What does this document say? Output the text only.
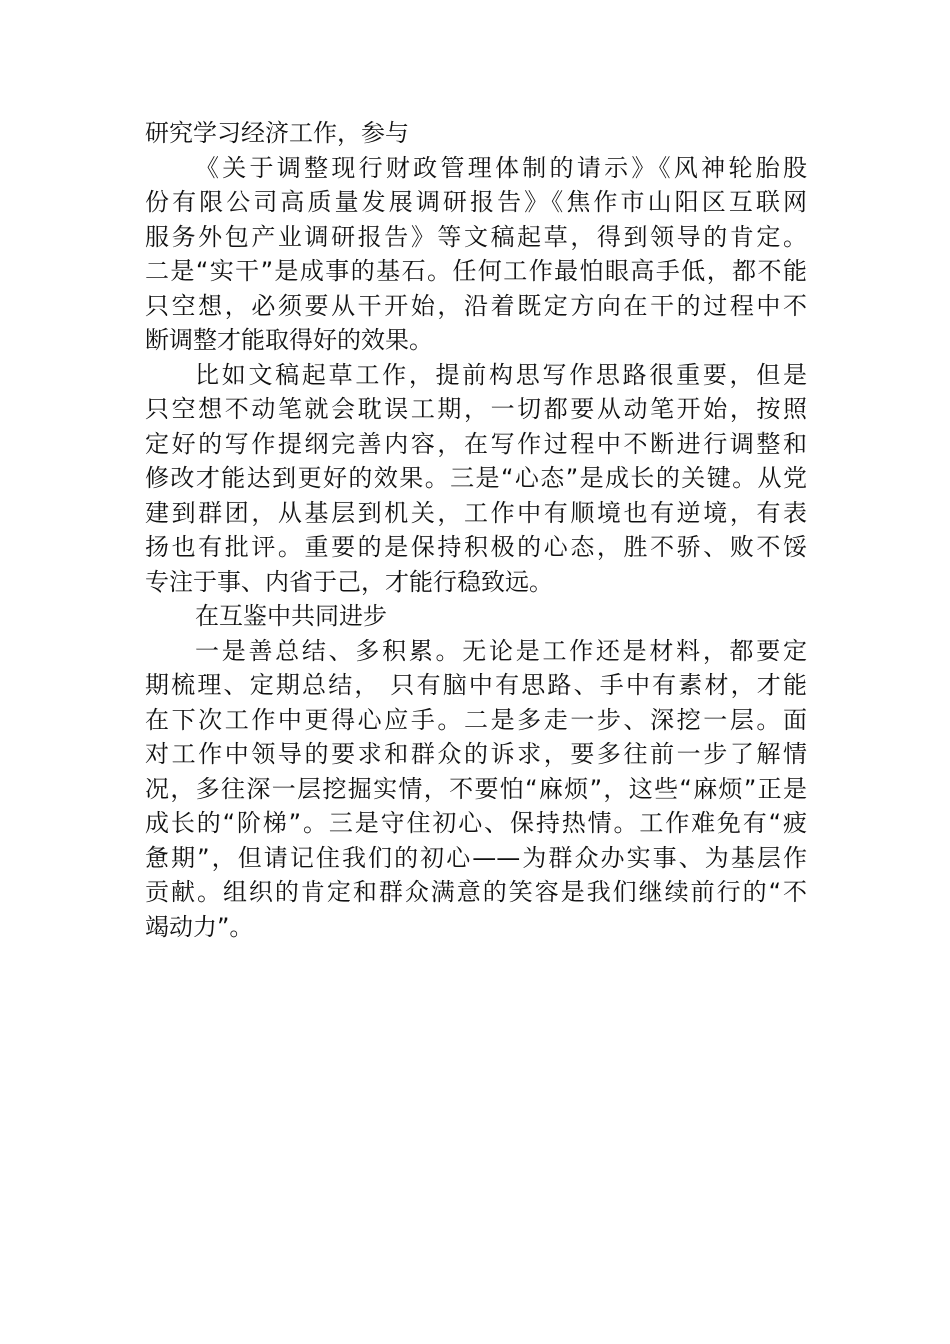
研究学习经济工作，参与
《关于调整现行财政管理体制的请示》《风神轮胎股
份有限公司高质量发展调研报告》《焦作市山阳区互联网
服务外包产业调研报告》等文稿起草，得到领导的肯定。
二是“实干”是成事的基石。任何工作最怕眼高手低，都不能
只空想，必须要从干开始，沿着既定方向在干的过程中不
断调整才能取得好的效果。
比如文稿起草工作，提前构思写作思路很重要，但是
只空想不动笔就会耽误工期，一切都要从动笔开始，按照
定好的写作提纲完善内容，在写作过程中不断进行调整和
修改才能达到更好的效果。三是“心态”是成长的关键。从党
建到群团，从基层到机关，工作中有顺境也有逆境，有表
扬也有批评。重要的是保持积极的心态，胜不骄、败不馁
专注于事、内省于己，才能行稳致远。
在互鉴中共同进步
一是善总结、多积累。无论是工作还是材料，都要定
期梳理、定期总结， 只有脑中有思路、手中有素材，才能
在下次工作中更得心应手。二是多走一步、深挖一层。面
对工作中领导的要求和群众的诉求，要多往前一步了解情
况，多往深一层挖掘实情，不要怕“麻烦”，这些“麻烦”正是
成长的“阶梯”。三是守住初心、保持热情。工作难免有“疲
惫期”，但请记住我们的初心——为群众办实事、为基层作
贡献。组织的肯定和群众满意的笑容是我们继续前行的“不
竭动力”。
